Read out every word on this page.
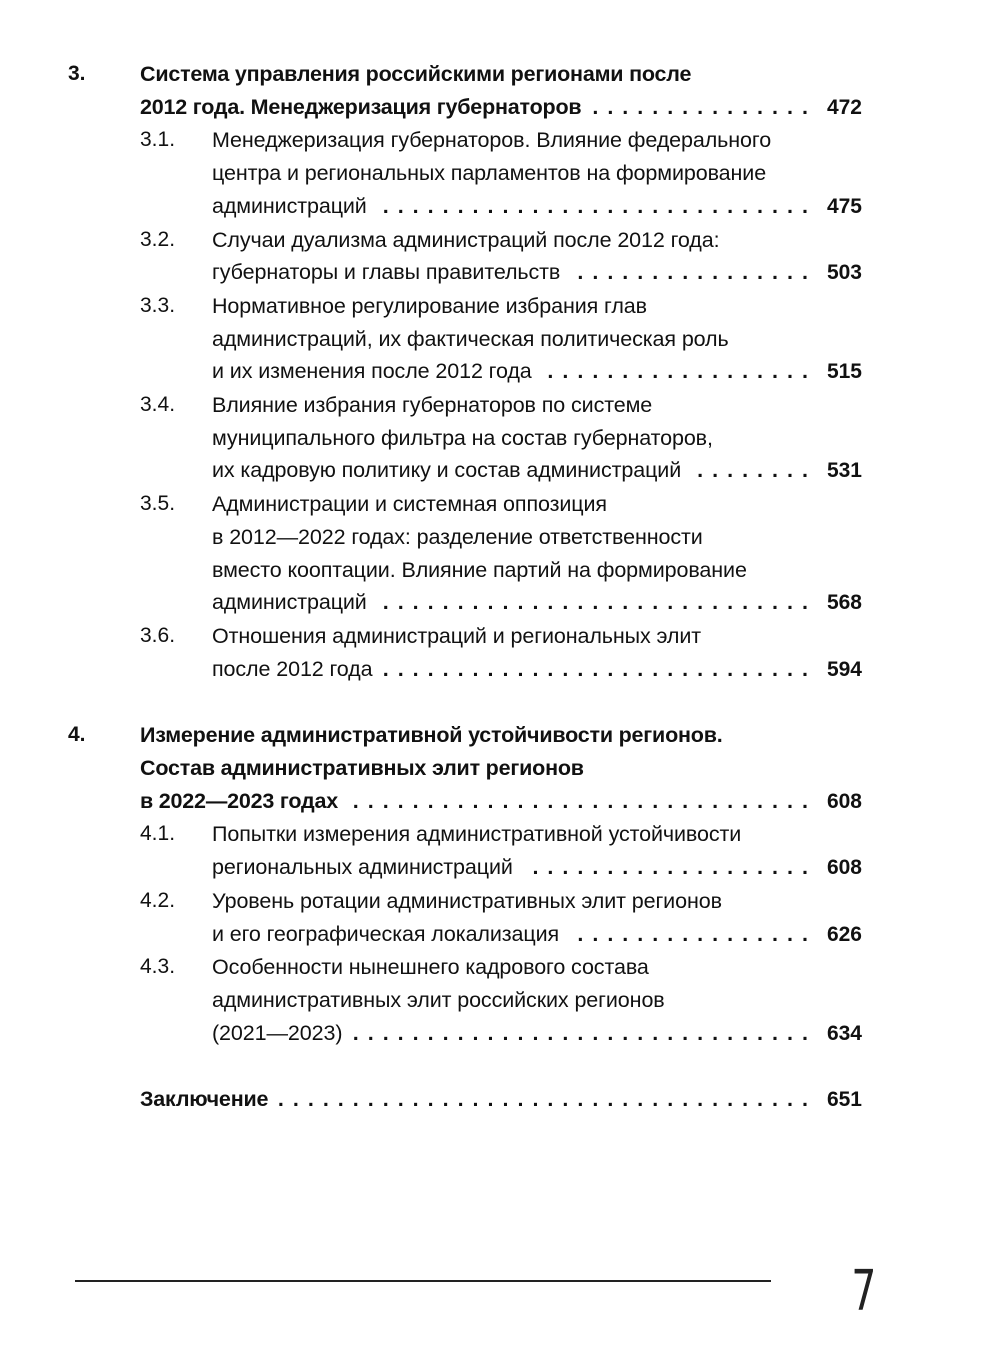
3.	Система управления российскими регионами после
2012 года. Менеджеризация губернаторов ............... 472
3.1. Менеджеризация губернаторов. Влияние федерального
центра и региональных парламентов на формирование
администраций ............................. 475
3.2. Случаи дуализма администраций после 2012 года:
губернаторы и главы правительств ................ 503
3.3. Нормативное регулирование избрания глав
администраций, их фактическая политическая роль
и их изменения после 2012 года .................. 515
3.4. Влияние избрания губернаторов по системе
муниципального фильтра на состав губернаторов,
их кадровую политику и состав администраций ........ 531
3.5. Администрации и системная оппозиция
в 2012—2022 годах: разделение ответственности
вместо кооптации. Влияние партий на формирование
администраций ............................. 568
3.6. Отношения администраций и региональных элит
после 2012 года ............................. 594
4.	Измерение административной устойчивости регионов.
Состав административных элит регионов
в 2022—2023 годах ............................... 608
4.1. Попытки измерения административной устойчивости
региональных администраций ................... 608
4.2. Уровень ротации административных элит регионов
и его географическая локализация ................ 626
4.3. Особенности нынешнего кадрового состава
административных элит российских регионов
(2021—2023) ............................... 634
Заключение .................................... 651
7
